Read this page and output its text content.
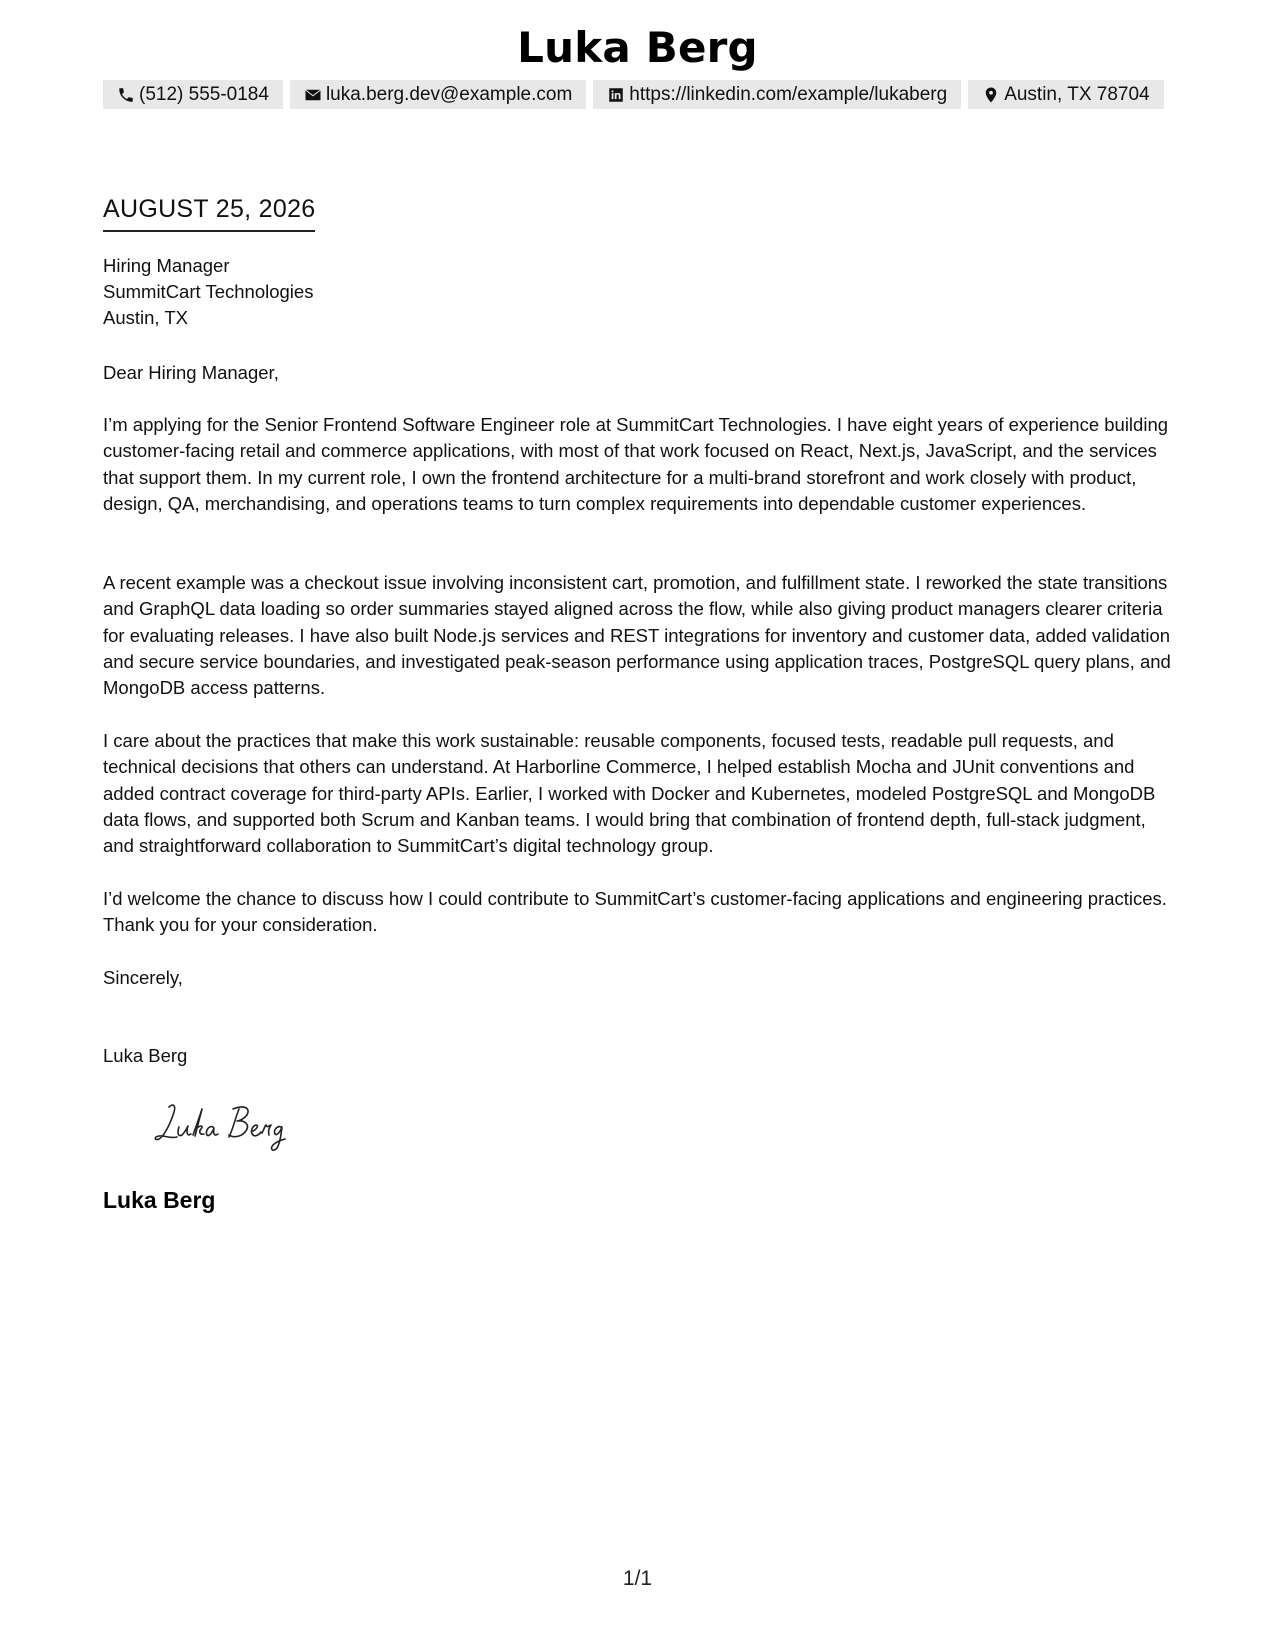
Luka Berg
(512) 555-0184	luka.berg.dev@example.com	https://linkedin.com/example/lukaberg	Austin, TX 78704
AUGUST 25, 2026
Hiring Manager
SummitCart Technologies
Austin, TX

Dear Hiring Manager,

I’m applying for the Senior Frontend Software Engineer role at SummitCart Technologies. I have eight years of experience building customer-facing retail and commerce applications, with most of that work focused on React, Next.js, JavaScript, and the services that support them. In my current role, I own the frontend architecture for a multi-brand storefront and work closely with product, design, QA, merchandising, and operations teams to turn complex requirements into dependable customer experiences.

A recent example was a checkout issue involving inconsistent cart, promotion, and fulfillment state. I reworked the state transitions and GraphQL data loading so order summaries stayed aligned across the flow, while also giving product managers clearer criteria for evaluating releases. I have also built Node.js services and REST integrations for inventory and customer data, added validation and secure service boundaries, and investigated peak-season performance using application traces, PostgreSQL query plans, and MongoDB access patterns.

I care about the practices that make this work sustainable: reusable components, focused tests, readable pull requests, and technical decisions that others can understand. At Harborline Commerce, I helped establish Mocha and JUnit conventions and added contract coverage for third-party APIs. Earlier, I worked with Docker and Kubernetes, modeled PostgreSQL and MongoDB data flows, and supported both Scrum and Kanban teams. I would bring that combination of frontend depth, full-stack judgment, and straightforward collaboration to SummitCart’s digital technology group.

I’d welcome the chance to discuss how I could contribute to SummitCart’s customer-facing applications and engineering practices. Thank you for your consideration.

Sincerely,

Luka Berg

Luka Berg
1/1
